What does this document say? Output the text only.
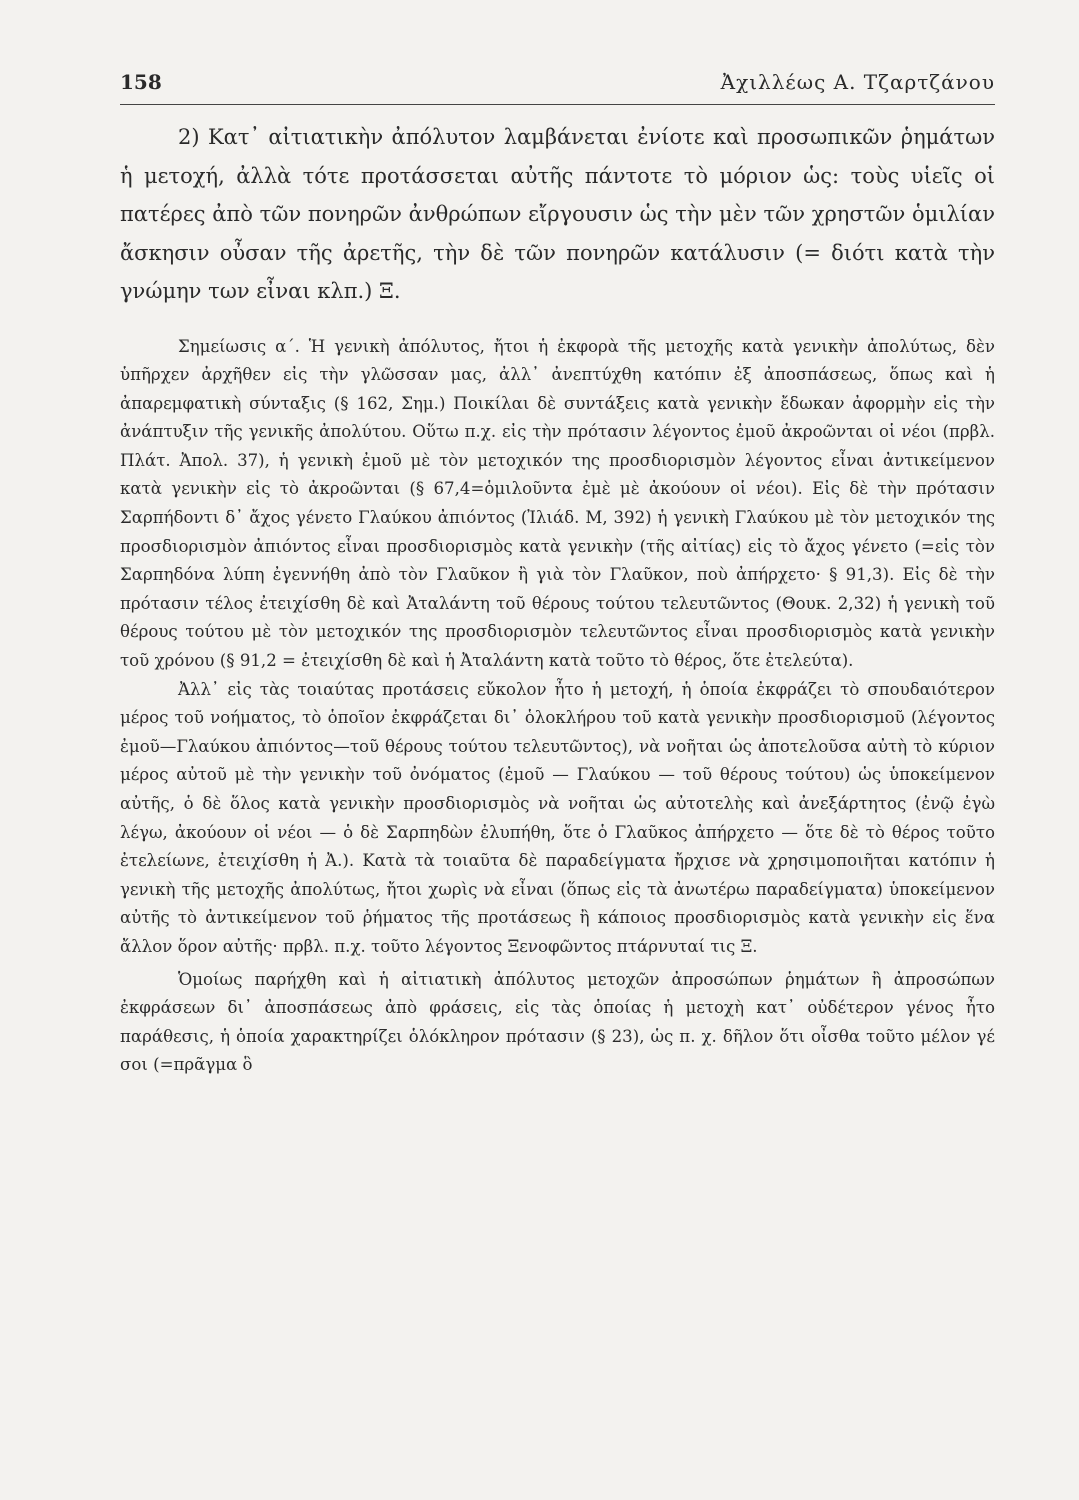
158	Ἀχιλλέως Α. Τζαρτζάνου

2) Κατ᾽ αἰτιατικὴν ἀπόλυτον λαμβάνεται ἐνίοτε καὶ προσωπικῶν ῥημάτων ἡ μετοχή, ἀλλὰ τότε προτάσσεται αὐτῆς πάντοτε τὸ μόριον ὡς: τοὺς υἱεῖς οἱ πατέρες ἀπὸ τῶν πονηρῶν ἀνθρώπων εἴργουσιν ὡς τὴν μὲν τῶν χρηστῶν ὁμιλίαν ἄσκησιν οὖσαν τῆς ἀρετῆς, τὴν δὲ τῶν πονηρῶν κατάλυσιν (= διότι κατὰ τὴν γνώμην των εἶναι κλπ.) Ξ.

Σημείωσις α΄. Ἡ γενικὴ ἀπόλυτος, ἤτοι ἡ ἐκφορὰ τῆς μετοχῆς κατὰ γενικὴν ἀπολύτως, δὲν ὑπῆρχεν ἀρχῆθεν εἰς τὴν γλῶσσαν μας, ἀλλ᾽ ἀνεπτύχθη κατόπιν ἐξ ἀποσπάσεως, ὅπως καὶ ἡ ἀπαρεμφατικὴ σύνταξις (§ 162, Σημ.) Ποικίλαι δὲ συντάξεις κατὰ γενικὴν ἔδωκαν ἀφορμὴν εἰς τὴν ἀνάπτυξιν τῆς γενικῆς ἀπολύτου. Οὕτω π.χ. εἰς τὴν πρότασιν λέγοντος ἐμοῦ ἀκροῶνται οἱ νέοι (πρβλ. Πλάτ. Ἀπολ. 37), ἡ γενικὴ ἐμοῦ μὲ τὸν μετοχικόν της προσδιορισμὸν λέγοντος εἶναι ἀντικείμενον κατὰ γενικὴν εἰς τὸ ἀκροῶνται (§ 67,4=ὁμιλοῦντα ἐμὲ μὲ ἀκούουν οἱ νέοι). Εἰς δὲ τὴν πρότασιν Σαρπήδοντι δ᾽ ἄχος γένετο Γλαύκου ἀπιόντος (Ἰλιάδ. Μ, 392) ἡ γενικὴ Γλαύκου μὲ τὸν μετοχικόν της προσδιορισμὸν ἀπιόντος εἶναι προσδιορισμὸς κατὰ γενικὴν (τῆς αἰτίας) εἰς τὸ ἄχος γένετο (=εἰς τὸν Σαρπηδόνα λύπη ἐγεννήθη ἀπὸ τὸν Γλαῦκον ἢ γιὰ τὸν Γλαῦκον, ποὺ ἀπήρχετο· § 91,3). Εἰς δὲ τὴν πρότασιν τέλος ἐτειχίσθη δὲ καὶ Ἀταλάντη τοῦ θέρους τούτου τελευτῶντος (Θουκ. 2,32) ἡ γενικὴ τοῦ θέρους τούτου μὲ τὸν μετοχικόν της προσδιορισμὸν τελευτῶντος εἶναι προσδιορισμὸς κατὰ γενικὴν τοῦ χρόνου (§ 91,2 = ἐτειχίσθη δὲ καὶ ἡ Ἀταλάντη κατὰ τοῦτο τὸ θέρος, ὅτε ἐτελεύτα).

Ἀλλ᾽ εἰς τὰς τοιαύτας προτάσεις εὔκολον ἦτο ἡ μετοχή, ἡ ὁποία ἐκφράζει τὸ σπουδαιότερον μέρος τοῦ νοήματος, τὸ ὁποῖον ἐκφράζεται δι᾽ ὁλοκλήρου τοῦ κατὰ γενικὴν προσδιορισμοῦ (λέγοντος ἐμοῦ—Γλαύκου ἀπιόντος—τοῦ θέρους τούτου τελευτῶντος), νὰ νοῆται ὡς ἀποτελοῦσα αὐτὴ τὸ κύριον μέρος αὐτοῦ μὲ τὴν γενικὴν τοῦ ὀνόματος (ἐμοῦ — Γλαύκου — τοῦ θέρους τούτου) ὡς ὑποκείμενον αὐτῆς, ὁ δὲ ὅλος κατὰ γενικὴν προσδιορισμὸς νὰ νοῆται ὡς αὐτοτελὴς καὶ ἀνεξάρτητος (ἐνῷ ἐγὼ λέγω, ἀκούουν οἱ νέοι — ὁ δὲ Σαρπηδὼν ἐλυπήθη, ὅτε ὁ Γλαῦκος ἀπήρχετο — ὅτε δὲ τὸ θέρος τοῦτο ἐτελείωνε, ἐτειχίσθη ἡ Ἀ.). Κατὰ τὰ τοιαῦτα δὲ παραδείγματα ἤρχισε νὰ χρησιμοποιῆται κατόπιν ἡ γενικὴ τῆς μετοχῆς ἀπολύτως, ἤτοι χωρὶς νὰ εἶναι (ὅπως εἰς τὰ ἀνωτέρω παραδείγματα) ὑποκείμενον αὐτῆς τὸ ἀντικείμενον τοῦ ῥήματος τῆς προτάσεως ἢ κάποιος προσδιορισμὸς κατὰ γενικὴν εἰς ἕνα ἄλλον ὅρον αὐτῆς· πρβλ. π.χ. τοῦτο λέγοντος Ξενοφῶντος πτάρνυταί τις Ξ.

Ὁμοίως παρήχθη καὶ ἡ αἰτιατικὴ ἀπόλυτος μετοχῶν ἀπροσώπων ῥημάτων ἢ ἀπροσώπων ἐκφράσεων δι᾽ ἀποσπάσεως ἀπὸ φράσεις, εἰς τὰς ὁποίας ἡ μετοχὴ κατ᾽ οὐδέτερον γένος ἦτο παράθεσις, ἡ ὁποία χαρακτηρίζει ὁλόκληρον πρότασιν (§ 23), ὡς π. χ. δῆλον ὅτι οἶσθα τοῦτο μέλον γέ σοι (=πρᾶγμα ὃ
